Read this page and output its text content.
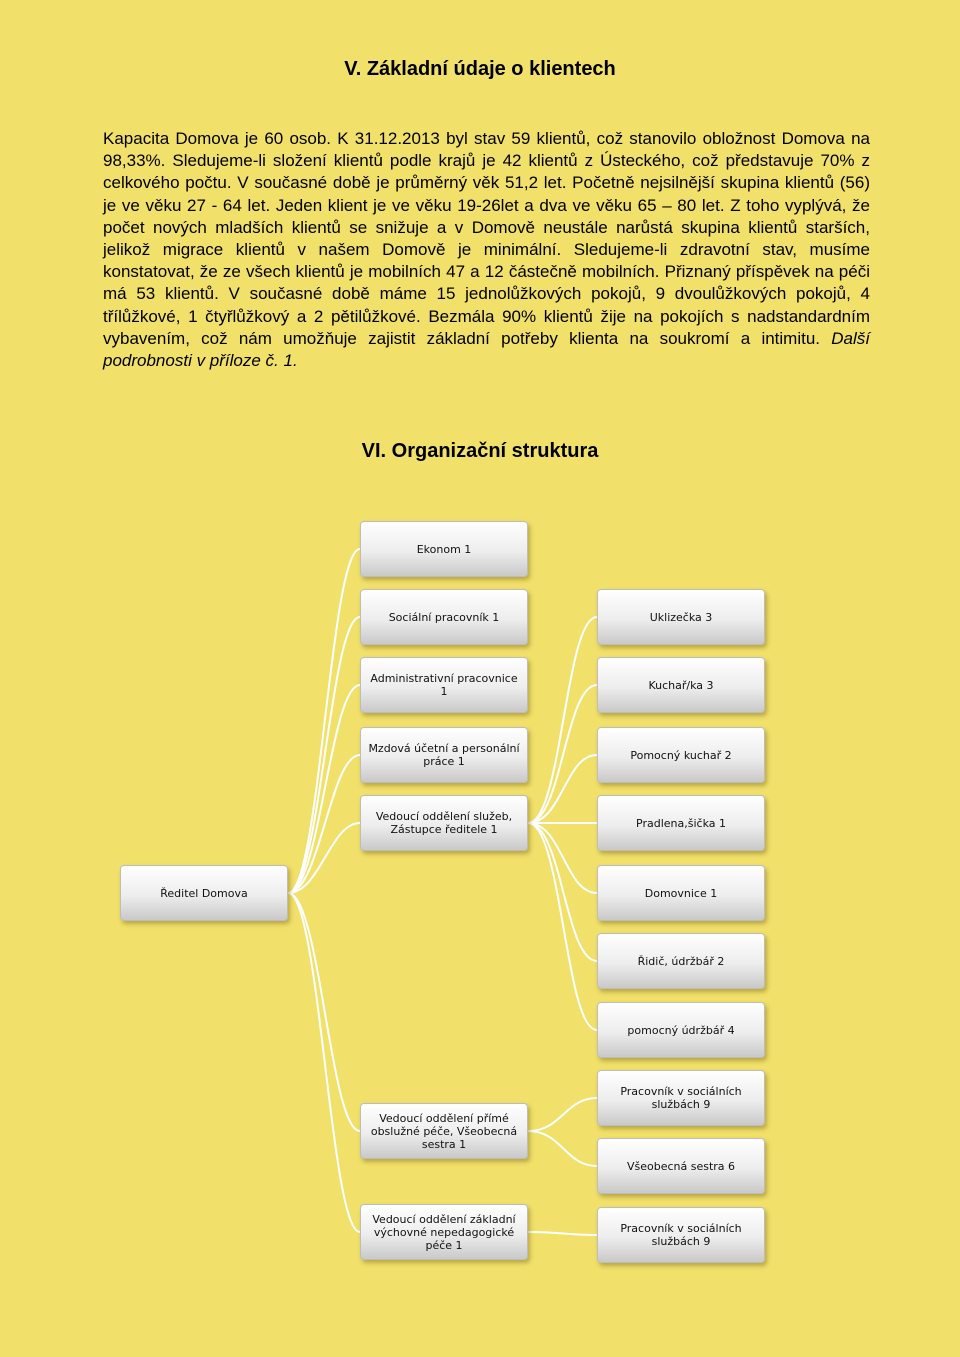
V. Základní údaje o klientech

Kapacita Domova je 60 osob. K 31.12.2013 byl stav 59 klientů, což stanovilo obložnost Domova na 98,33%. Sledujeme-li složení klientů podle krajů je 42 klientů z Ústeckého, což představuje 70% z celkového počtu. V současné době je průměrný věk 51,2 let. Početně nejsilnější skupina klientů (56) je ve věku 27 - 64 let. Jeden klient je ve věku 19-26let a dva ve věku 65 – 80 let. Z toho vyplývá, že počet nových mladších klientů se snižuje a v Domově neustále narůstá skupina klientů starších, jelikož migrace klientů v našem Domově je minimální. Sledujeme-li zdravotní stav, musíme konstatovat, že ze všech klientů je mobilních 47 a 12 částečně mobilních. Přiznaný příspěvek na péči má 53 klientů. V současné době máme 15 jednolůžkových pokojů, 9 dvoulůžkových pokojů, 4 třílůžkové, 1 čtyřlůžkový a 2 pětilůžkové. Bezmála 90% klientů žije na pokojích s nadstandardním vybavením, což nám umožňuje zajistit základní potřeby klienta na soukromí a intimitu. Další podrobnosti v příloze č. 1.

VI. Organizační struktura
Ředitel Domova
Ekonom 1
Sociální pracovník 1
Administrativní pracovnice 1
Mzdová účetní a personální práce 1
Vedoucí oddělení služeb, Zástupce ředitele 1
Vedoucí oddělení přímé obslužné péče, Všeobecná sestra 1
Vedoucí oddělení základní výchovné nepedagogické péče 1
Uklizečka 3
Kuchař/ka 3
Pomocný kuchař 2
Pradlena,šička 1
Domovnice 1
Řidič, údržbář 2
pomocný údržbář 4
Pracovník v sociálních službách 9
Všeobecná sestra 6
Pracovník v sociálních službách 9
